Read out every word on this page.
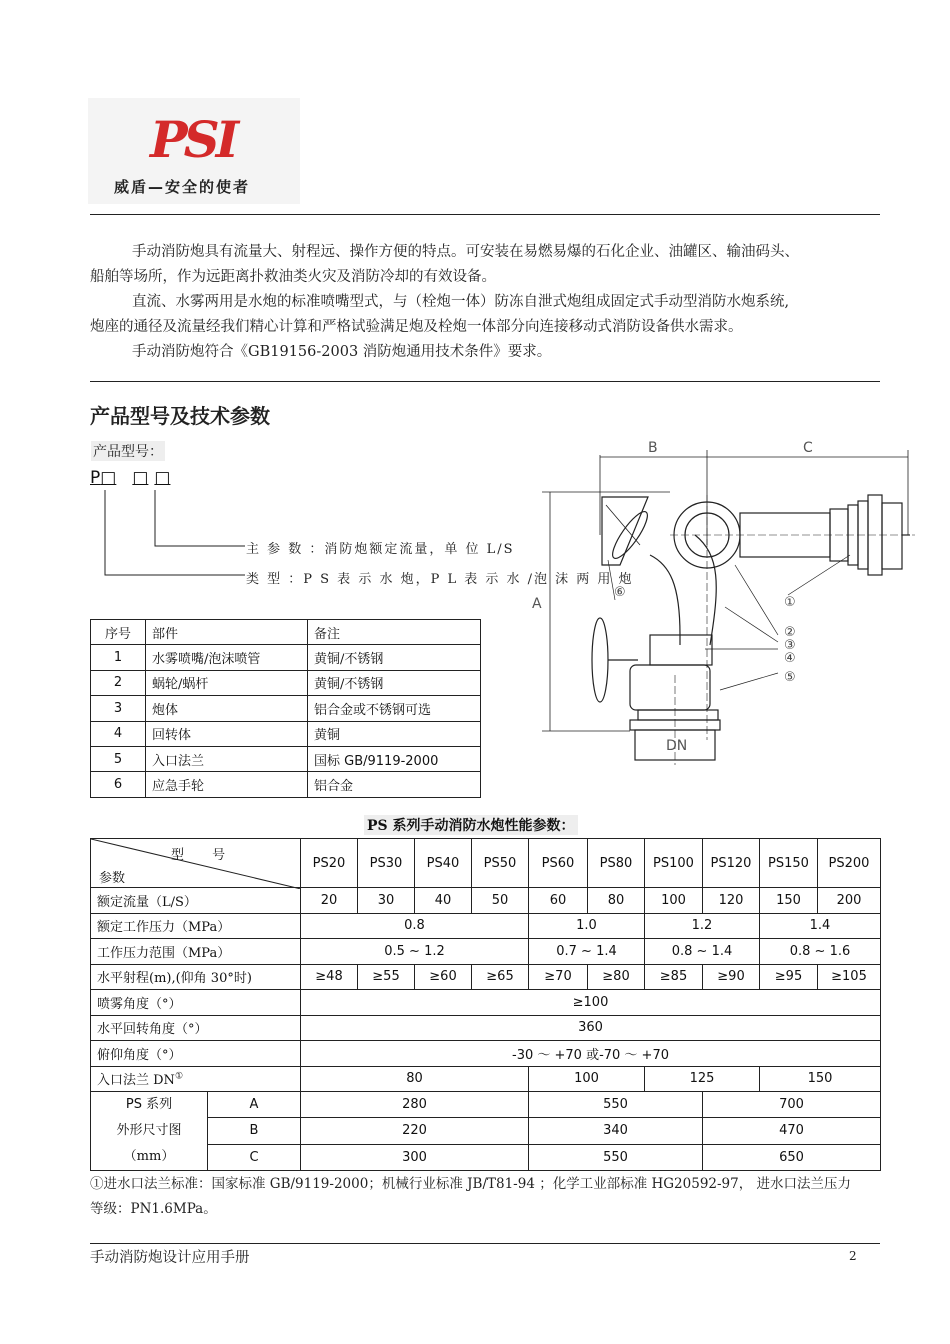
PSI
威盾—安全的使者
手动消防炮具有流量大、射程远、操作方便的特点。可安装在易燃易爆的石化企业、油罐区、输油码头、
船舶等场所，作为远距离扑救油类火灾及消防冷却的有效设备。
直流、水雾两用是水炮的标准喷嘴型式，与（栓炮一体）防冻自泄式炮组成固定式手动型消防水炮系统,
炮座的通径及流量经我们精心计算和严格试验满足炮及栓炮一体部分向连接移动式消防设备供水需求。
手动消防炮符合《GB19156-2003 消防炮通用技术条件》要求。
产品型号及技术参数
产品型号：
P□ □ □
主 参 数 ：消防炮额定流量，单 位 L/S
类 型 ：P S 表 示 水 炮，P L 表 示 水 /泡 沫 两 用 炮
B	C
A
DN
①
②
③
④
⑤
⑥
序号	部件	备注
1	水雾喷嘴/泡沫喷管	黄铜/不锈钢
2	蜗轮/蜗杆	黄铜/不锈钢
3	炮体	铝合金或不锈钢可选
4	回转体	黄铜
5	入口法兰	国标 GB/9119-2000
6	应急手轮	铝合金
PS 系列手动消防水炮性能参数：
型 号
参数		PS20	PS30	PS40	PS50	PS60	PS80	PS100	PS120	PS150	PS200
额定流量（L/S）		20	30	40	50	60	80	100	120	150	200
额定工作压力（MPa）		0.8				1.0		1.2		1.4	
工作压力范围（MPa）		0.5 ~ 1.2				0.7 ~ 1.4		0.8 ~ 1.4		0.8 ~ 1.6	
水平射程(m),(仰角 30°时)		≥48	≥55	≥60	≥65	≥70	≥80	≥85	≥90	≥95	≥105
喷雾角度（°）		≥100									
水平回转角度（°）		360									
俯仰角度（°）		-30 ～ +70 或-70 ～ +70									
入口法兰 DN①		80				100		125		150	

PS 系列
外形尺寸图
（mm）	A	280				550			700		
	B	220				340			470		
	C	300				550			650		
①进水口法兰标准：国家标准 GB/9119-2000；机械行业标准 JB/T81-94 ；化学工业部标准 HG20592-97， 进水口法兰压力
等级：PN1.6MPa。
手动消防炮设计应用手册	2
